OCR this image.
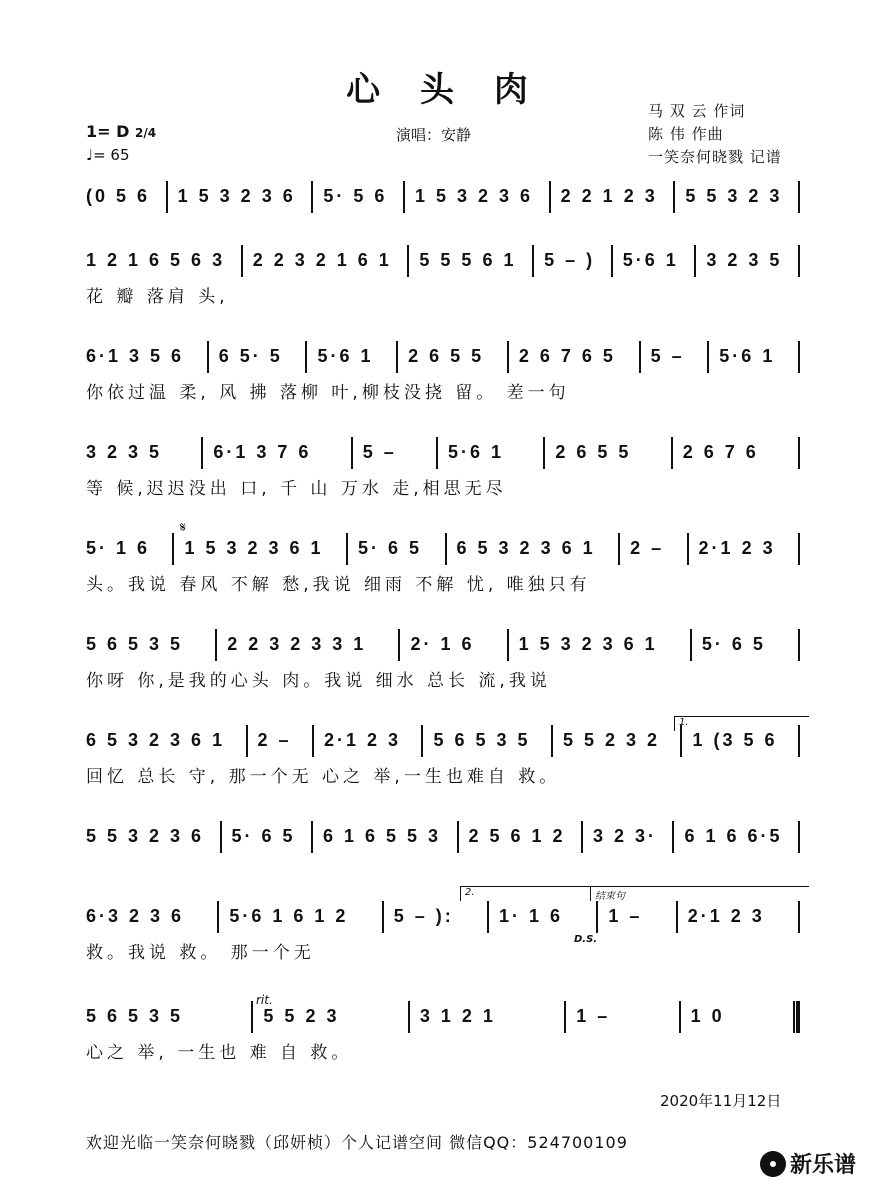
心 头 肉
1= D 2/4
♩= 65
演唱：安静
马 双 云 作词
陈 伟 作曲
一笑奈何晓戮 记谱
(0 5 6	1 5 3 2 3 6	5· 5 6	1 5 3 2 3 6	2 2 1 2 3	5 5 3 2 3
1 2 1 6 5 6 3	2 2 3 2 1 6 1	5 5 5 6 1	5 – )	5·6 1	3 2 3 5
花 瓣 落肩 头,
6·1 3 5 6	6 5· 5	5·6 1	2 6 5 5	2 6 7 6 5	5 –	5·6 1
你依过温 柔, 风 拂 落柳 叶,柳枝没挠 留。 差一句
3 2 3 5	6·1 3 7 6	5 –	5·6 1	2 6 5 5	2 6 7 6
等 候,迟迟没出 口, 千 山 万水 走,相思无尽
5· 1 6	1 5 3 2 3 6 1	5· 6 5	6 5 3 2 3 6 1	2 –	2·1 2 3
头。我说 春风 不解 愁,我说 细雨 不解 忧, 唯独只有
5 6 5 3 5	2 2 3 2 3 3 1	2· 1 6	1 5 3 2 3 6 1	5· 6 5
你呀 你,是我的心头 肉。我说 细水 总长 流,我说
6 5 3 2 3 6 1	2 –	2·1 2 3	5 6 5 3 5	5 5 2 3 2	1 (3 5 6
回忆 总长 守, 那一个无 心之 举,一生也难自 救。
5 5 3 2 3 6	5· 6 5	6 1 6 5 5 3	2 5 6 1 2	3 2 3·	6 1 6 6·5
6·3 2 3 6	5·6 1 6 1 2	5 – ):	1· 1 6	1 –	2·1 2 3
救。我说 救。 那一个无
5 6 5 3 5	5 5 2 3	3 1 2 1	1 –	1 0
心之 举, 一生也 难 自 救。
1.
2.	结束句
D.S.
rit.
𝄋
2020年11月12日
欢迎光临一笑奈何晓戮（邱妍桢）个人记谱空间 微信QQ：524700109
新乐谱
